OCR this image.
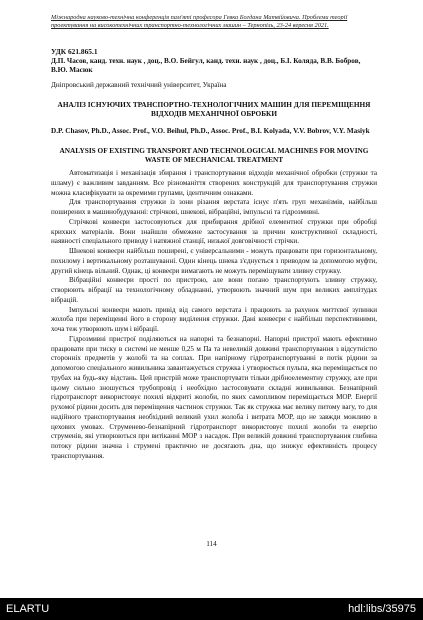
Міжнародна науково-технічна конференція пам'яті професора Гевка Богдана Матвійовича. Проблеми теорії проектування на високотехнічних транспортно-технологічних машин – Тернопіль, 23-24 вересня 2021.
УДК 621.865.1
Д.П. Часов, канд. техн. наук , доц., В.О. Бейгул, канд. техн. наук , доц., Б.І. Коляда, В.В. Бобров, В.Ю. Масюк
Дніпровський державний технічний університет, Україна
АНАЛІЗ ІСНУЮЧИХ ТРАНСПОРТНО-ТЕХНОЛОГІЧНИХ МАШИН ДЛЯ ПЕРЕМІЩЕННЯ ВІДХОДІВ МЕХАНІЧНОЇ ОБРОБКИ
D.P. Chasov, Ph.D., Assoc. Prof., V.O. Beihul, Ph.D., Assoc. Prof., B.I. Kolyada, V.V. Bobrov, V.Y. Masiyk
ANALYSIS OF EXISTING TRANSPORT AND TECHNOLOGICAL MACHINES FOR MOVING WASTE OF MECHANICAL TREATMENT

Автоматизація і механізація збирання і транспортування відходів механічної обробки (стружки та шламу) є важливим завданням. Все різноманіття створених конструкцій для транспортування стружки можна класифікувати за окремими групами, ідентичним ознаками.

Для транспортування стружки із зони різання верстата існує п'ять груп механізмів, найбільш поширених в машинобудуванні: стрічкові, шнекові, вібраційні, імпульсні та гідрозмивні.

Стрічкові конвеєри застосовуються для прибирання дрібної елементної стружки при обробці крихких матеріалів. Вони знайшли обмежене застосування за причин конструктивної складності, наявності спеціального приводу і натяжної станції, низької довговічності стрічки.

Шнекові конвеєри найбільш поширені, є універсальними - можуть працювати при горизонтальному, похилому і вертикальному розташуванні. Один кінець шнека з'єднується з приводом за допомогою муфти, другий кінець вільний. Однак, ці конвеєри вимагають не можуть переміщувати зливну стружку.

Вібраційні конвеєри прості по пристрою, але вони погано транспортують зливну стружку, створюють вібрації на технологічному обладнанні, утворюють значний шум при великих амплітудах вібрацій.

Імпульсні конвеєри мають привід від самого верстата і працюють за рахунок миттєвої зупинки жолоба при переміщенні його в сторону виділення стружки. Дані конвеєри є найбільш перспективними, хоча теж утворюють шум і вібрації.

Гідрозмивні пристрої поділяються на напорні та безнапорні. Напорні пристрої мають ефективно працювати при тиску в системі не менше 0,25 м Па та невеликій довжині транспортування з відсутністю сторонніх предметів у жолобі та на соплах. При напірному гідротранспортуванні в потік рідини за допомогою спеціального живильника завантажується стружка і утворюється пульпа, яка переміщається по трубах на будь-яку відстань. Цей пристрій може транспортувати тільки дрібноелементну стружку, але при цьому сильно зношується трубопровід і необхідно застосовувати складні живильники. Безнапірний гідротранспорт використовує похилі відкриті жолоби, по яких самопливом переміщається МОР. Енергії рухомої рідини досить для переміщення частинок стружки. Так як стружка має велику питому вагу, то для надійного транспортування необхідний великий ухил жолоба і витрата МОР, що не завжди можливо в цехових умовах. Струменево-безнапірний гідротранспорт використовує похилі жолоби та енергію струменів, які утворюються при витіканні МОР з насадок. При великій довжині транспортування глибина потоку рідини значна і струмені практично не досягають дна, що знижує ефективність процесу транспортування.

114
ELARTU	hdl:libs/35975
